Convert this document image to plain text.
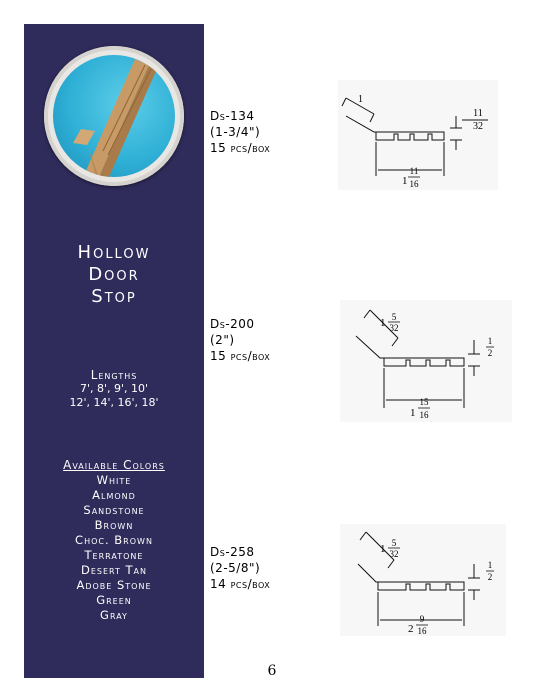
Hollow
Door
Stop
Lengths
7', 8', 9', 10'
12', 14', 16', 18'
Available Colors
White
Almond
Sandstone
Brown
Choc. Brown
Terratone
Desert Tan
Adobe Stone
Green
Gray
Ds-134
(1-3/4")
15 pcs/box
1
11
32
1
11
16
Ds-200
(2")
15 pcs/box
1 5
32
1
2
1
15
16
Ds-258
(2-5/8")
14 pcs/box
1 5
32
1
2
2
9
16
6
